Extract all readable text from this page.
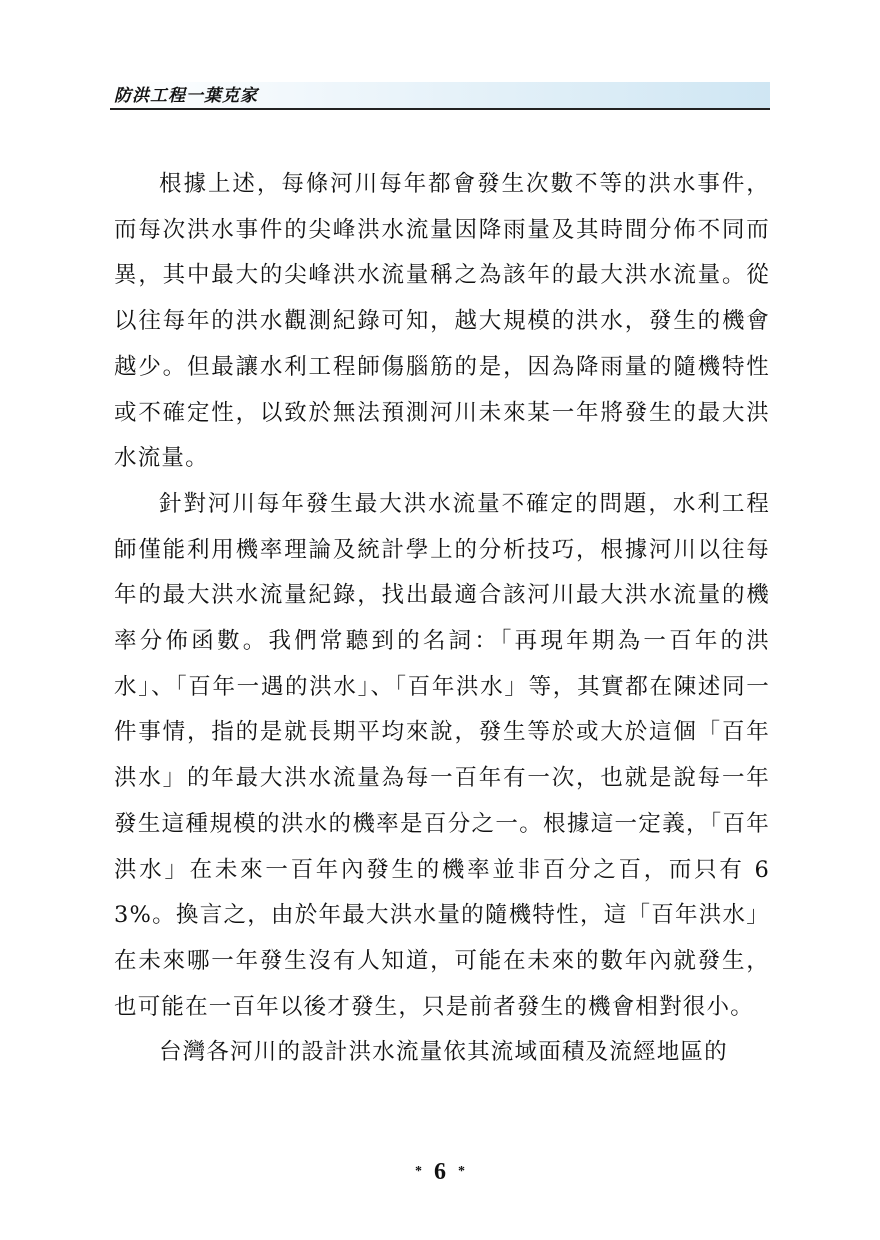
防洪工程一葉克家

根據上述，每條河川每年都會發生次數不等的洪水事件，而每次洪水事件的尖峰洪水流量因降雨量及其時間分佈不同而異，其中最大的尖峰洪水流量稱之為該年的最大洪水流量。從以往每年的洪水觀測紀錄可知，越大規模的洪水，發生的機會越少。但最讓水利工程師傷腦筋的是，因為降雨量的隨機特性或不確定性，以致於無法預測河川未來某一年將發生的最大洪水流量。

針對河川每年發生最大洪水流量不確定的問題，水利工程師僅能利用機率理論及統計學上的分析技巧，根據河川以往每年的最大洪水流量紀錄，找出最適合該河川最大洪水流量的機率分佈函數。我們常聽到的名詞：「再現年期為一百年的洪水」、「百年一遇的洪水」、「百年洪水」等，其實都在陳述同一件事情，指的是就長期平均來說，發生等於或大於這個「百年洪水」的年最大洪水流量為每一百年有一次，也就是說每一年發生這種規模的洪水的機率是百分之一。根據這一定義，「百年洪水」在未來一百年內發生的機率並非百分之百，而只有 63%。換言之，由於年最大洪水量的隨機特性，這「百年洪水」在未來哪一年發生沒有人知道，可能在未來的數年內就發生，也可能在一百年以後才發生，只是前者發生的機會相對很小。

台灣各河川的設計洪水流量依其流域面積及流經地區的

* 6 *
